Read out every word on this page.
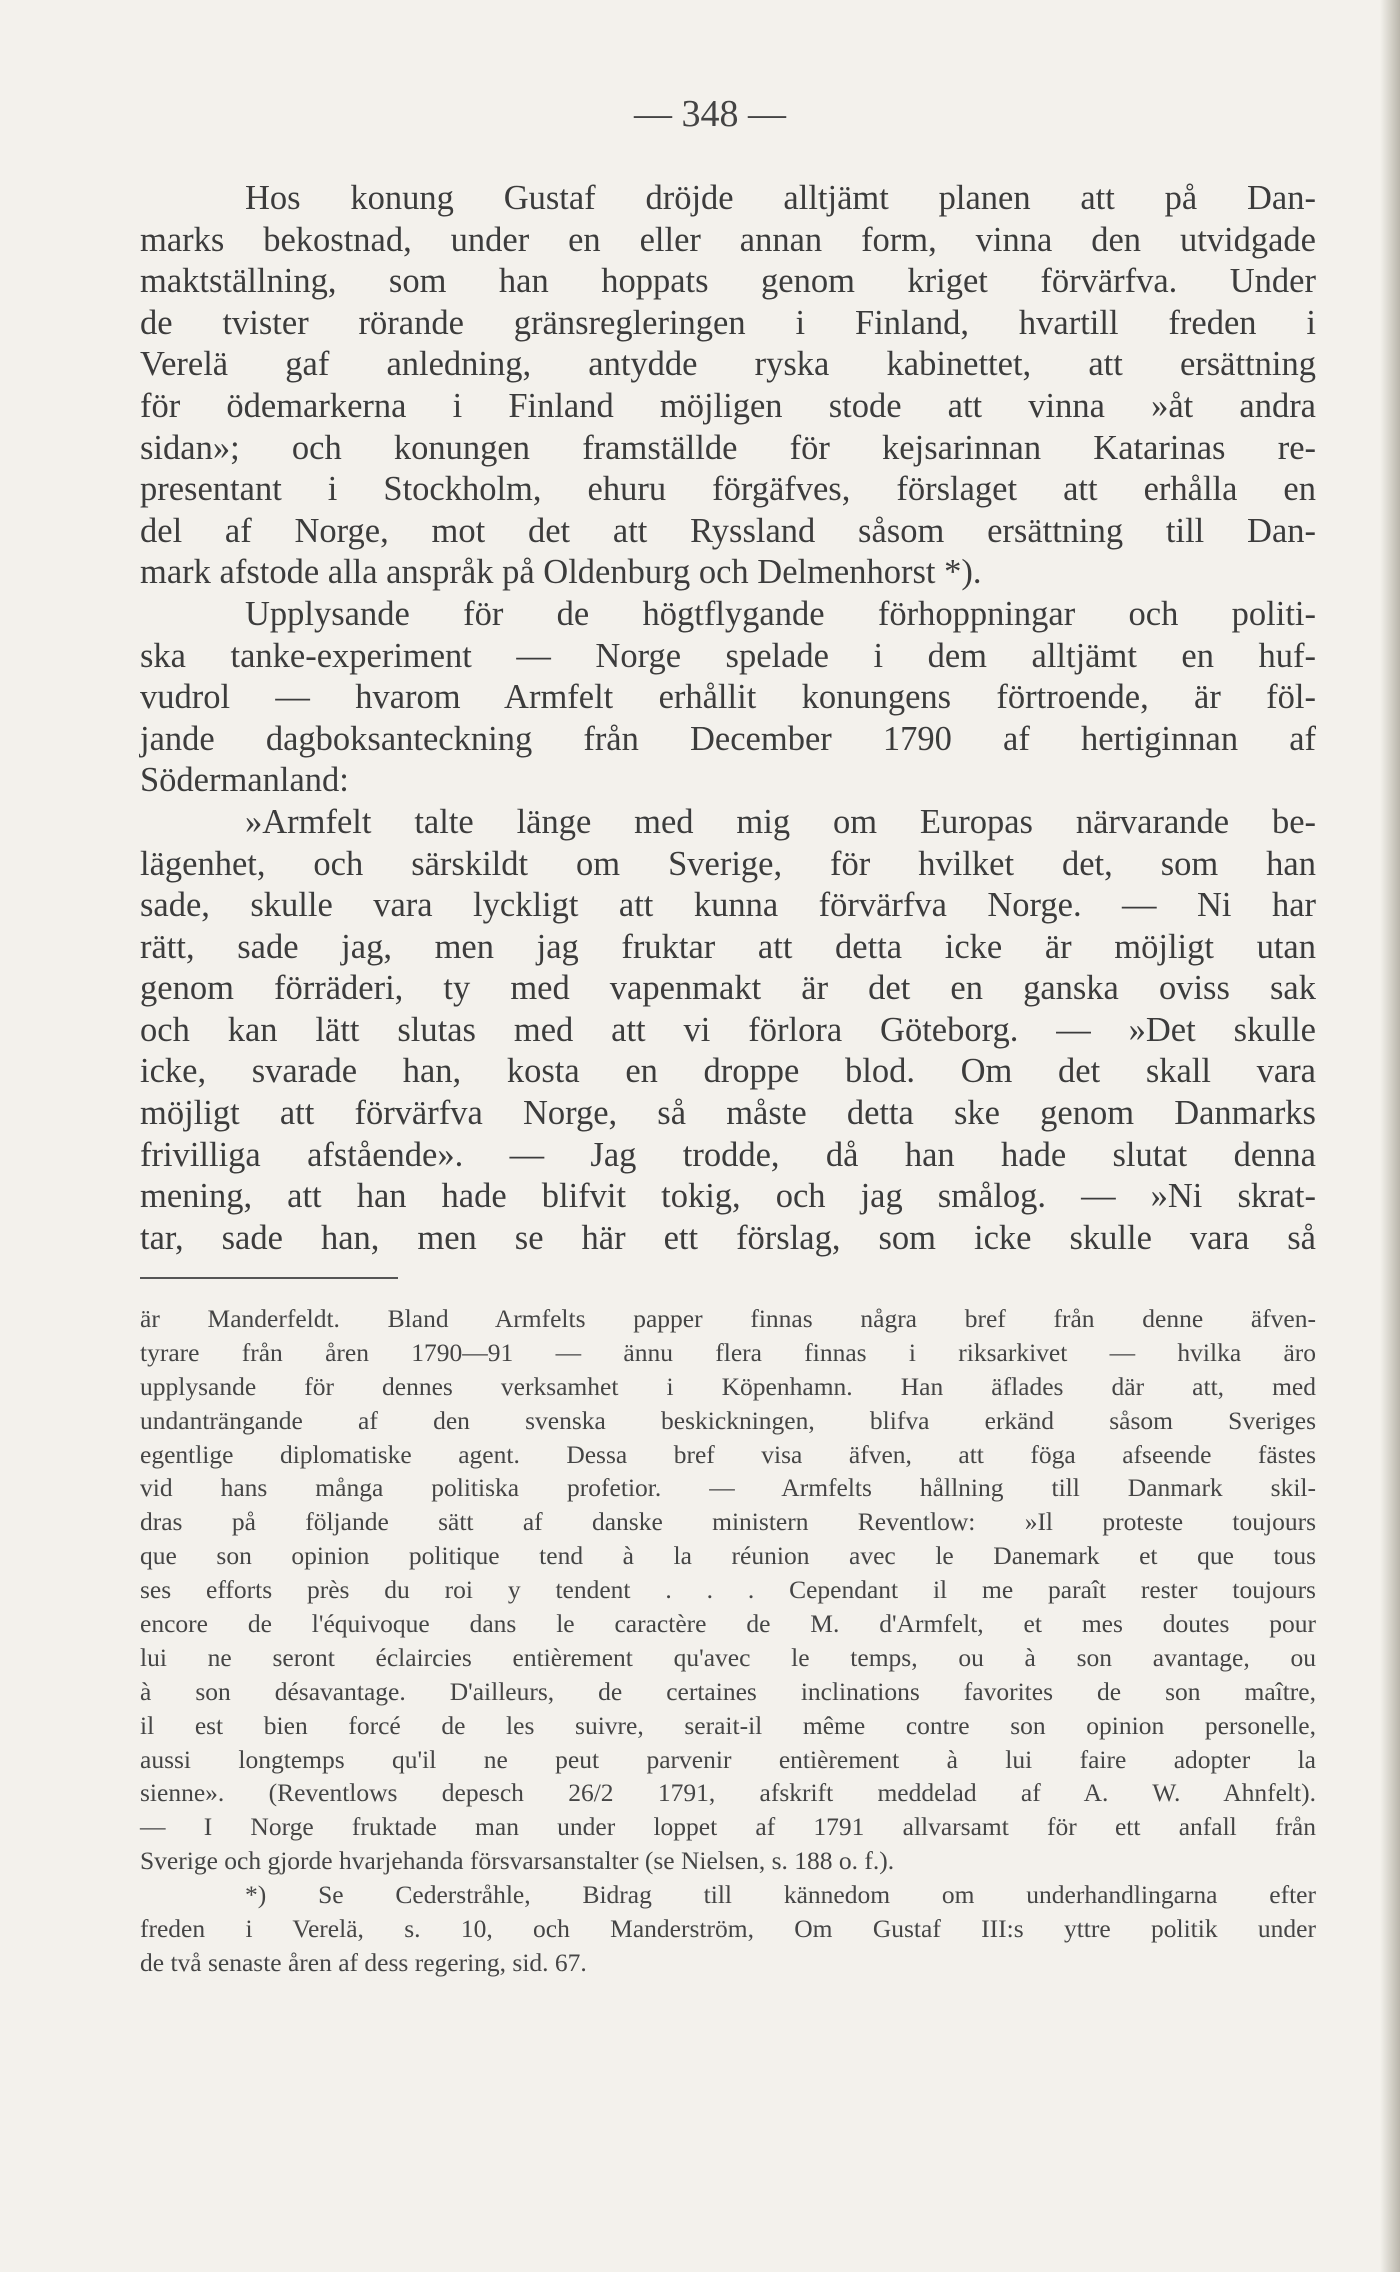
— 348 —
Hos konung Gustaf dröjde alltjämt planen att på Dan-
marks bekostnad, under en eller annan form, vinna den utvidgade
maktställning, som han hoppats genom kriget förvärfva. Under
de tvister rörande gränsregleringen i Finland, hvartill freden i
Verelä gaf anledning, antydde ryska kabinettet, att ersättning
för ödemarkerna i Finland möjligen stode att vinna »åt andra
sidan»; och konungen framställde för kejsarinnan Katarinas re-
presentant i Stockholm, ehuru förgäfves, förslaget att erhålla en
del af Norge, mot det att Ryssland såsom ersättning till Dan-
mark afstode alla anspråk på Oldenburg och Delmenhorst *).
Upplysande för de högtflygande förhoppningar och politi-
ska tanke-experiment — Norge spelade i dem alltjämt en huf-
vudrol — hvarom Armfelt erhållit konungens förtroende, är föl-
jande dagboksanteckning från December 1790 af hertiginnan af
Södermanland:
»Armfelt talte länge med mig om Europas närvarande be-
lägenhet, och särskildt om Sverige, för hvilket det, som han
sade, skulle vara lyckligt att kunna förvärfva Norge. — Ni har
rätt, sade jag, men jag fruktar att detta icke är möjligt utan
genom förräderi, ty med vapenmakt är det en ganska oviss sak
och kan lätt slutas med att vi förlora Göteborg. — »Det skulle
icke, svarade han, kosta en droppe blod. Om det skall vara
möjligt att förvärfva Norge, så måste detta ske genom Danmarks
frivilliga afstående». — Jag trodde, då han hade slutat denna
mening, att han hade blifvit tokig, och jag smålog. — »Ni skrat-
tar, sade han, men se här ett förslag, som icke skulle vara så
är Manderfeldt. Bland Armfelts papper finnas några bref från denne äfven-
tyrare från åren 1790—91 — ännu flera finnas i riksarkivet — hvilka äro
upplysande för dennes verksamhet i Köpenhamn. Han äflades där att, med
undanträngande af den svenska beskickningen, blifva erkänd såsom Sveriges
egentlige diplomatiske agent. Dessa bref visa äfven, att föga afseende fästes
vid hans många politiska profetior. — Armfelts hållning till Danmark skil-
dras på följande sätt af danske ministern Reventlow: »Il proteste toujours
que son opinion politique tend à la réunion avec le Danemark et que tous
ses efforts près du roi y tendent . . . Cependant il me paraît rester toujours
encore de l'équivoque dans le caractère de M. d'Armfelt, et mes doutes pour
lui ne seront éclaircies entièrement qu'avec le temps, ou à son avantage, ou
à son désavantage. D'ailleurs, de certaines inclinations favorites de son maître,
il est bien forcé de les suivre, serait-il même contre son opinion personelle,
aussi longtemps qu'il ne peut parvenir entièrement à lui faire adopter la
sienne». (Reventlows depesch 26/2 1791, afskrift meddelad af A. W. Ahnfelt).
— I Norge fruktade man under loppet af 1791 allvarsamt för ett anfall från
Sverige och gjorde hvarjehanda försvarsanstalter (se Nielsen, s. 188 o. f.).
*) Se Cederstråhle, Bidrag till kännedom om underhandlingarna efter
freden i Verelä, s. 10, och Manderström, Om Gustaf III:s yttre politik under
de två senaste åren af dess regering, sid. 67.
